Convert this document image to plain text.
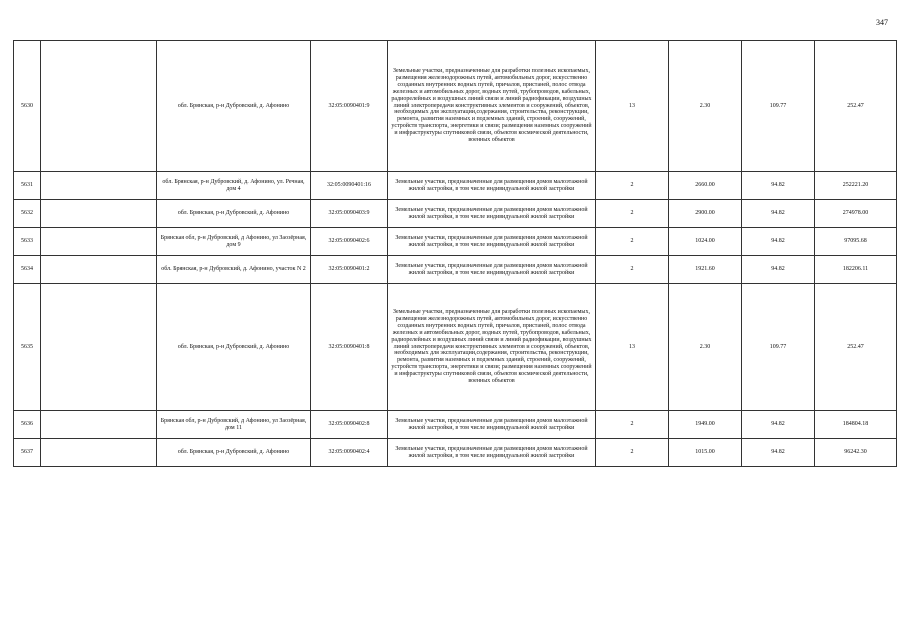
347
5630		обл. Брянская, р-н Дубровский, д. Афонино	32:05:0090401:9	Земельные участки, предназначенные для разработки полезных ископаемых, размещения железнодорожных путей, автомобильных дорог, искусственно созданных внутренних водных путей, причалов, пристаней, полос отвода железных и автомобильных дорог, водных путей, трубопроводов, кабельных, радиорелейных и воздушных линий связи и линий радиофикации, воздушных линий электропередачи конструктивных элементов и сооружений, объектов, необходимых для эксплуатации,содержания, строительства, реконструкции, ремонта, развития наземных и подземных зданий, строений, сооружений, устройств транспорта, энергетики и связи; размещения наземных сооружений и инфраструктуры спутниковой связи, объектов космической деятельности, военных объектов	13	2.30	109.77	252.47
5631		обл. Брянская, р-н Дубровский, д. Афонино, ул. Речная, дом 4	32:05:0090401:16	Земельные участки, предназначенные для размещения домов малоэтажной жилой застройки, в том числе индивидуальной жилой застройки	2	2660.00	94.82	252221.20
5632		обл. Брянская, р-н Дубровский, д. Афонино	32:05:0090403:9	Земельные участки, предназначенные для размещения домов малоэтажной жилой застройки, в том числе индивидуальной жилой застройки	2	2900.00	94.82	274978.00
5633		Брянская обл, р-н Дубровский, д Афонино, ул Заозёрная, дом 9	32:05:0090402:6	Земельные участки, предназначенные для размещения домов малоэтажной жилой застройки, в том числе индивидуальной жилой застройки	2	1024.00	94.82	97095.68
5634		обл. Брянская, р-н Дубровский, д. Афонино, участок N 2	32:05:0090401:2	Земельные участки, предназначенные для размещения домов малоэтажной жилой застройки, в том числе индивидуальной жилой застройки	2	1921.60	94.82	182206.11
5635		обл. Брянская, р-н Дубровский, д. Афонино	32:05:0090401:8	Земельные участки, предназначенные для разработки полезных ископаемых, размещения железнодорожных путей, автомобильных дорог, искусственно созданных внутренних водных путей, причалов, пристаней, полос отвода железных и автомобильных дорог, водных путей, трубопроводов, кабельных, радиорелейных и воздушных линий связи и линий радиофикации, воздушных линий электропередачи конструктивных элементов и сооружений, объектов, необходимых для эксплуатации,содержания, строительства, реконструкции, ремонта, развития наземных и подземных зданий, строений, сооружений, устройств транспорта, энергетики и связи; размещения наземных сооружений и инфраструктуры спутниковой связи, объектов космической деятельности, военных объектов	13	2.30	109.77	252.47
5636		Брянская обл, р-н Дубровский, д Афонино, ул Заозёрная, дом 11	32:05:0090402:8	Земельные участки, предназначенные для размещения домов малоэтажной жилой застройки, в том числе индивидуальной жилой застройки	2	1949.00	94.82	184804.18
5637		обл. Брянская, р-н Дубровский, д. Афонино	32:05:0090402:4	Земельные участки, предназначенные для размещения домов малоэтажной жилой застройки, в том числе индивидуальной жилой застройки	2	1015.00	94.82	96242.30
